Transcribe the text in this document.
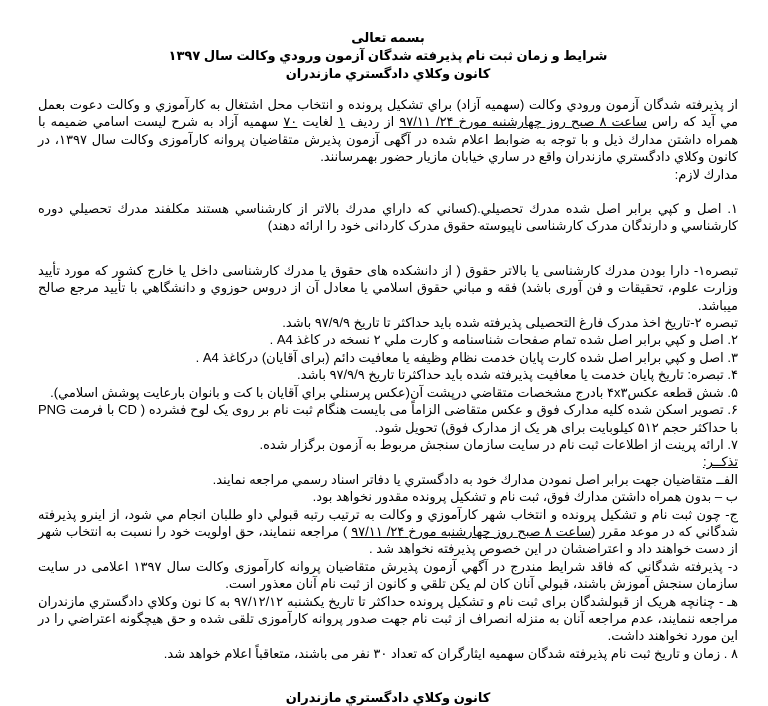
بسمه تعالی
شرايط و زمان ثبت نام پذيرفته شدگان آزمون ورودي وكالت سال ۱۳۹۷
كانون وكلاي دادگستري مازندران

از پذيرفته شدگان آزمون ورودي وكالت (سهميه آزاد) براي تشكيل پرونده و انتخاب محل اشتغال به كارآموزي و وكالت دعوت بعمل مي آيد كه راس ساعت ۸ صبح روز چهارشنبه مورخ ۲۴/ ۹۷/۱۱ از رديف ۱ لغايت ۷۰ سهميه آزاد به شرح ليست اسامي ضميمه با همراه داشتن مدارك ذيل و با توجه به ضوابط اعلام شده در آگهی آزمون پذيرش متقاضيان پروانه كارآموزی وكالت سال ۱۳۹۷، در كانون وكلاي دادگستري مازندران واقع در ساري خيابان مازيار حضور بهمرسانند.

مدارك لازم:

۱. اصل و كپي برابر اصل شده مدرك تحصيلي.(كساني كه داراي مدرك بالاتر از كارشناسي هستند مكلفند مدرك تحصيلي دوره كارشناسي و دارندگان مدرک کارشناسی ناپیوسته حقوق مدرک کاردانی خود را ارائه دهند)

تبصره۱- دارا بودن مدرك كارشناسی يا بالاتر حقوق ( از دانشکده های حقوق يا مدرك كارشناسی داخل يا خارج كشور كه مورد تأييد وزارت علوم، تحقيقات و فن آوری باشد) فقه و مباني حقوق اسلامي يا معادل آن از دروس حوزوي و دانشگاهي با تأييد مرجع صالح ميباشد.

تبصره ۲-تاريخ اخذ مدرک فارغ التحصيلی پذيرفته شده بايد حداكثر تا تاريخ ۹۷/۹/۹ باشد.

۲. اصل و كپي برابر اصل شده تمام صفحات شناسنامه و كارت ملي ۲ نسخه در كاغذ A4 .

۳. اصل و كپي برابر اصل شده كارت پايان خدمت نظام وظيفه يا معافيت دائم (برای آقايان) دركاغذ A4 .

۴. تبصره: تاريخ پايان خدمت يا معافيت پذيرفته شده بايد حداكثرتا تاريخ ۹۷/۹/۹ باشد.

۵. شش قطعه عكس۴x۳ بادرج مشخصات متقاضي درپشت آن(عكس پرسنلي براي آقايان با كت و بانوان بارعايت پوشش اسلامي).

۶. تصوير اسكن شده كليه مدارک فوق و عکس متقاضی الزاماً می بايست هنگام ثبت نام بر روی يک لوح فشرده ( CD با فرمت PNG با حداكثر حجم ۵۱۲ كيلوبايت برای هر يک از مدارک فوق) تحويل شود.

۷. ارائه پرينت از اطلاعات ثبت نام در سايت سازمان سنجش مربوط به آزمون برگزار شده.

تذكــر:

الفــ متقاضيان جهت برابر اصل نمودن مدارك خود به دادگستري يا دفاتر اسناد رسمي مراجعه نمايند.

ب – بدون همراه داشتن مدارك فوق، ثبت نام و تشكيل پرونده مقدور نخواهد بود.

ج- چون ثبت نام و تشكيل پرونده و انتخاب شهر كارآموزي و وكالت به ترتيب رتبه قبولي داو طلبان انجام مي شود، از اينرو پذيرفته شدگاني كه در موعد مقرر (ساعت ۸ صبح روز چهارشنبه مورخ ۲۴/ ۹۷/۱۱ ) مراجعه ننمايند، حق اولويت خود را نسبت به انتخاب شهر از دست خواهند داد و اعتراضشان در اين خصوص پذيرفته نخواهد شد .

د- پذيرفته شدگاني كه فاقد شرايط مندرج در آگهي آزمون پذيرش متقاضيان پروانه كارآموزی وكالت سال ۱۳۹۷ اعلامی در سايت سازمان سنجش آموزش باشند، قبولي آنان كان لم يكن تلقي و كانون از ثبت نام آنان معذور است.

هـ - چنانچه هريک از قبولشدگان برای ثبت نام و تشكيل پرونده حداكثر تا تاريخ يكشنبه ۹۷/۱۲/۱۲ به كا نون وكلاي دادگستري مازندران مراجعه ننمايند، عدم مراجعه آنان به منزله انصراف از ثبت نام جهت صدور پروانه كارآموزی تلقی شده و حق هيچگونه اعتراضي را در اين مورد نخواهند داشت.

۸ . زمان و تاريخ ثبت نام پذيرفته شدگان سهميه ايثارگران كه تعداد ۳۰ نفر می باشند، متعاقباً اعلام خواهد شد.

كانون وكلاي دادگستري مازندران
